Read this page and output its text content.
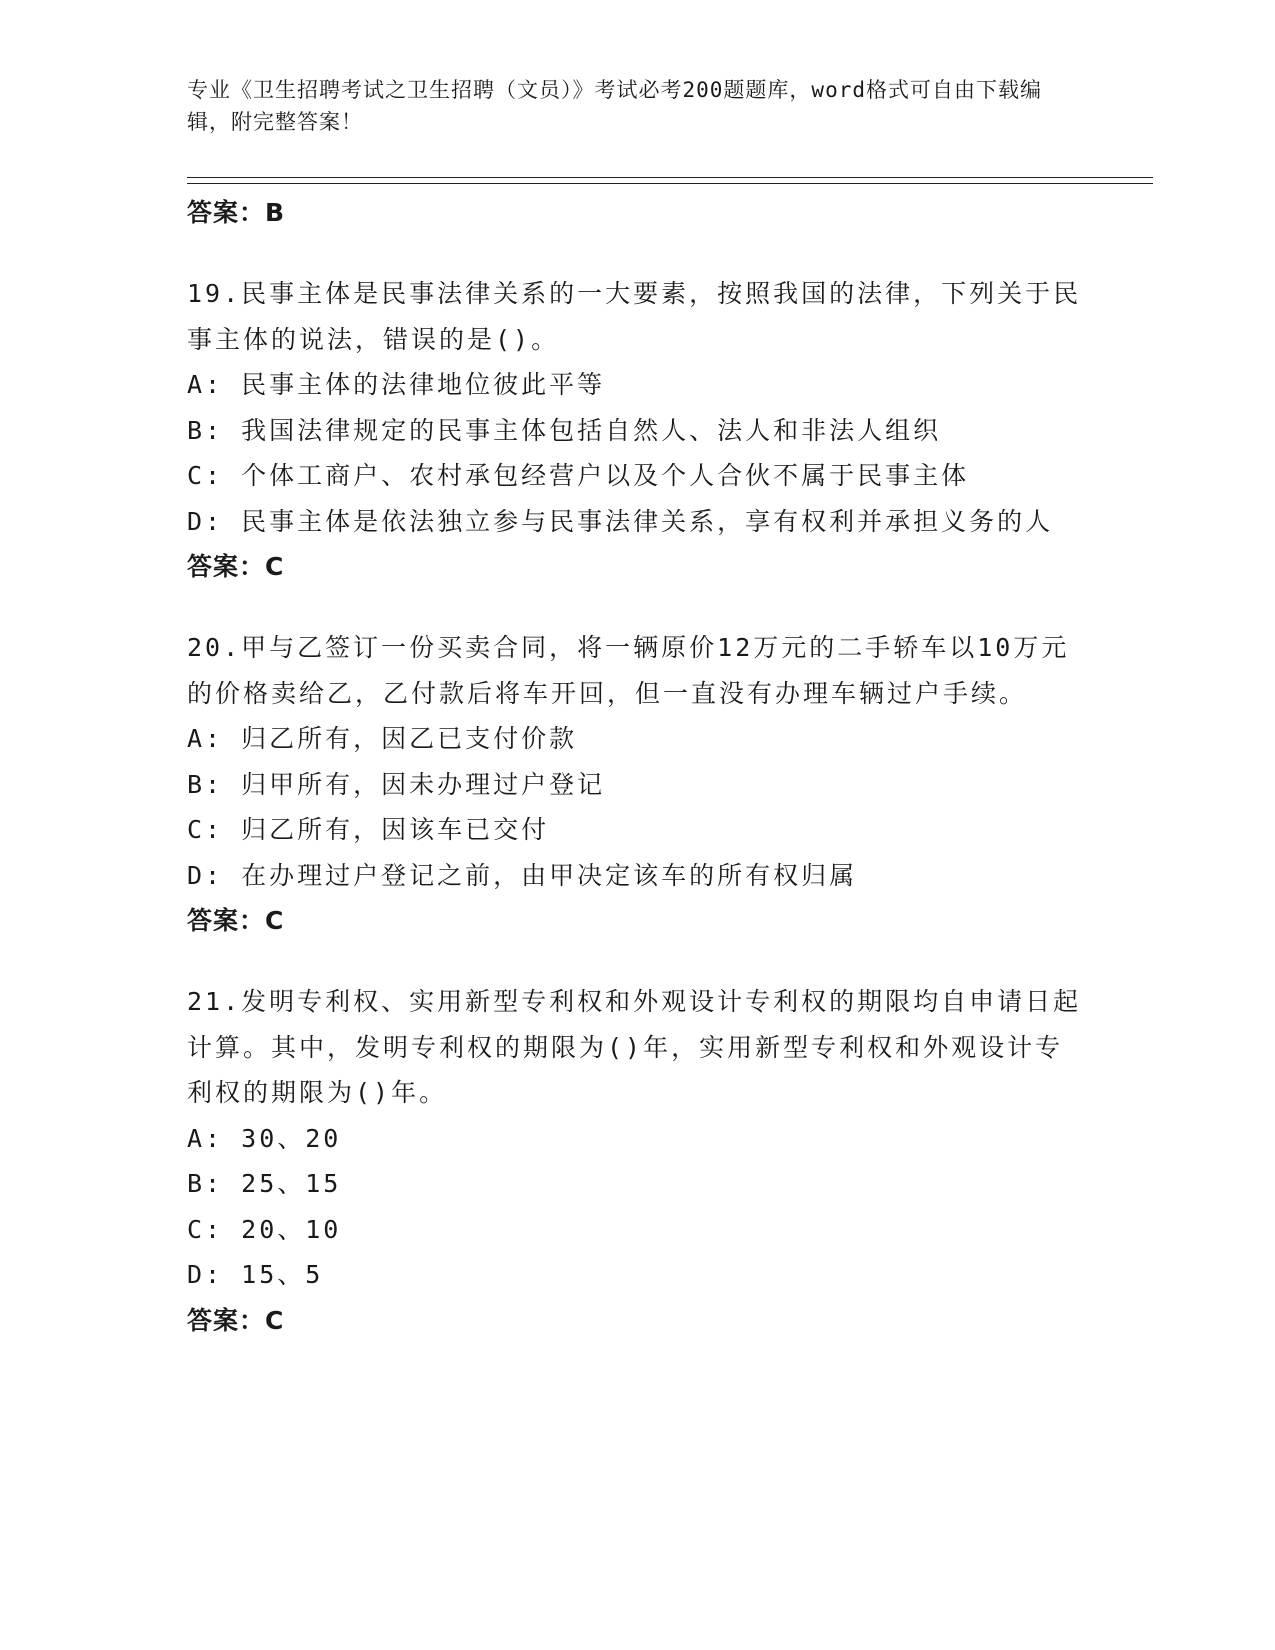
专业《卫生招聘考试之卫生招聘（文员）》考试必考200题题库，word格式可自由下载编辑，附完整答案！
答案：B
19.民事主体是民事法律关系的一大要素，按照我国的法律，下列关于民事主体的说法，错误的是()。
A: 民事主体的法律地位彼此平等
B: 我国法律规定的民事主体包括自然人、法人和非法人组织
C: 个体工商户、农村承包经营户以及个人合伙不属于民事主体
D: 民事主体是依法独立参与民事法律关系，享有权利并承担义务的人
答案：C
20.甲与乙签订一份买卖合同，将一辆原价12万元的二手轿车以10万元的价格卖给乙，乙付款后将车开回，但一直没有办理车辆过户手续。
A: 归乙所有，因乙已支付价款
B: 归甲所有，因未办理过户登记
C: 归乙所有，因该车已交付
D: 在办理过户登记之前，由甲决定该车的所有权归属
答案：C
21.发明专利权、实用新型专利权和外观设计专利权的期限均自申请日起计算。其中，发明专利权的期限为()年，实用新型专利权和外观设计专利权的期限为()年。
A: 30、20
B: 25、15
C: 20、10
D: 15、5
答案：C
